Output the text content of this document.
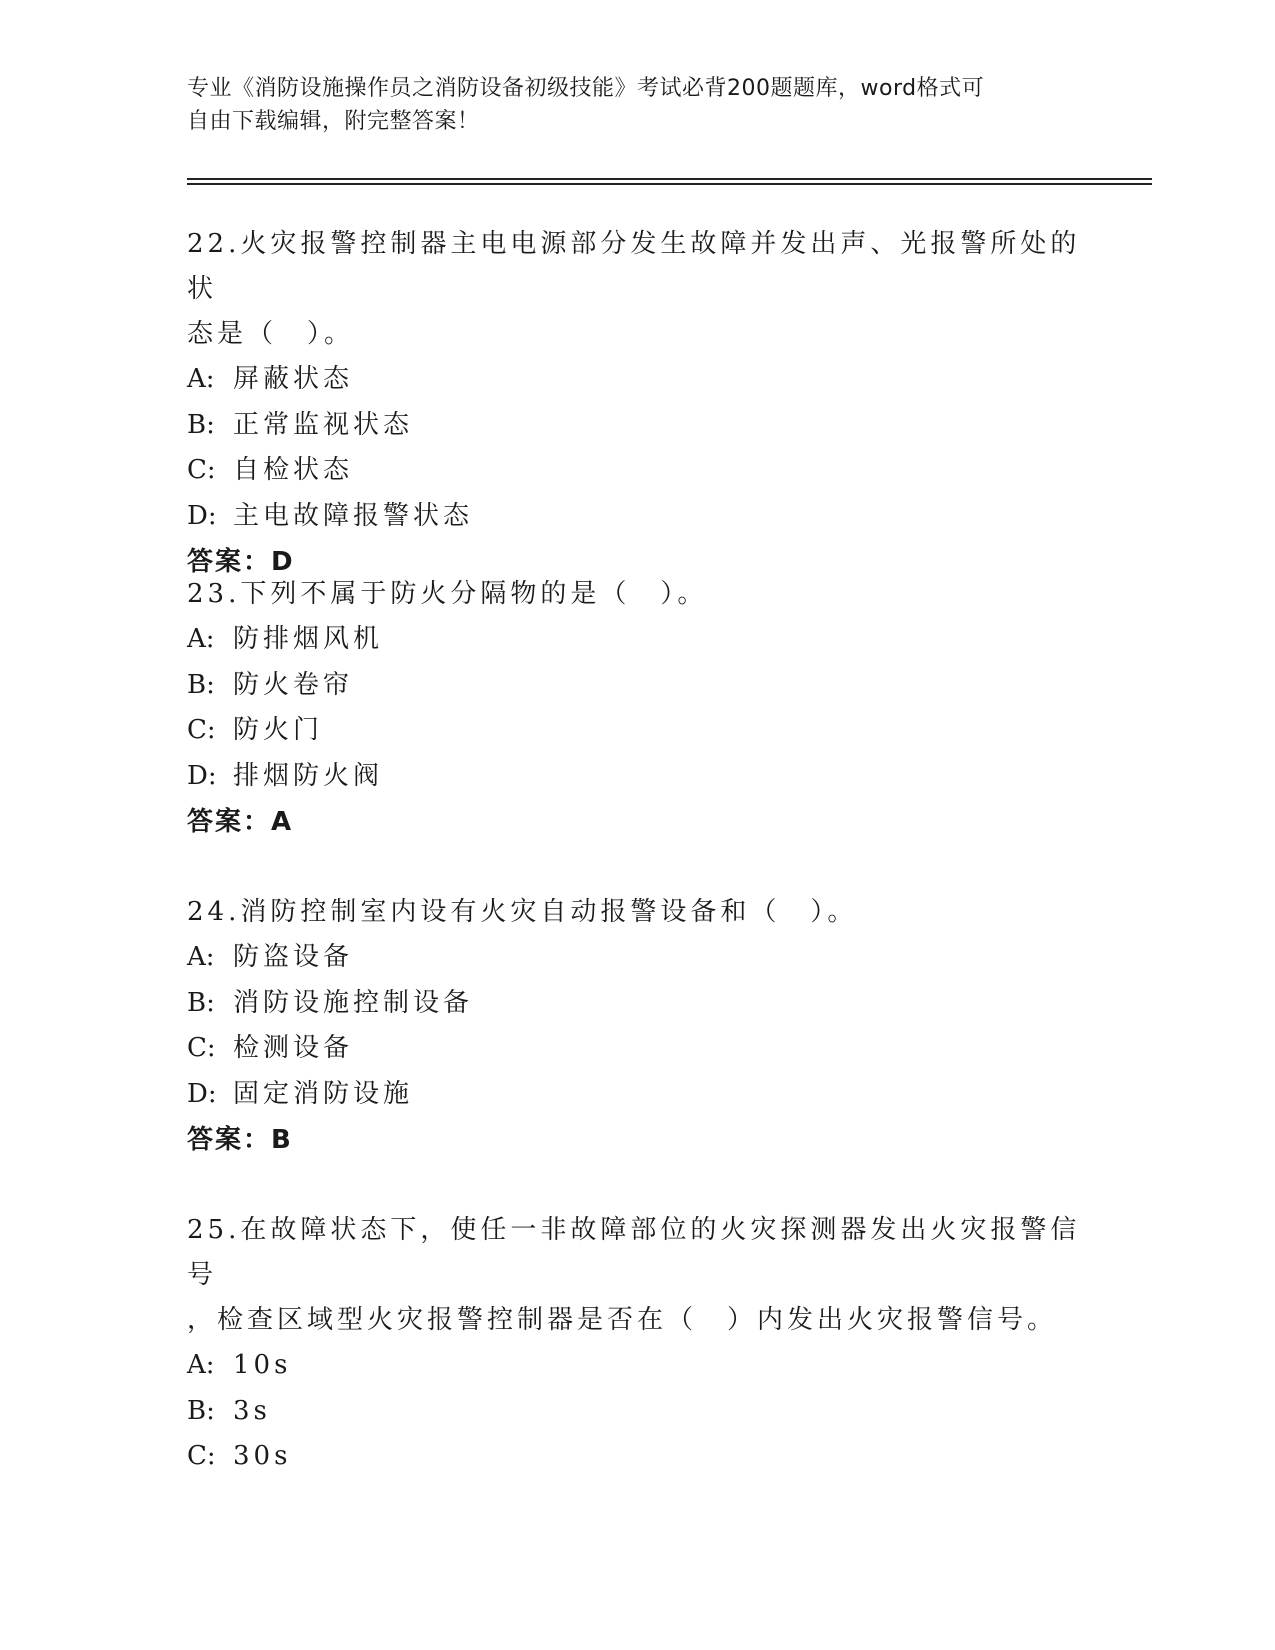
专业《消防设施操作员之消防设备初级技能》考试必背200题题库，word格式可

自由下载编辑，附完整答案！

22.火灾报警控制器主电电源部分发生故障并发出声、光报警所处的状

态是（　）。

A: 屏蔽状态

B: 正常监视状态

C: 自检状态

D: 主电故障报警状态

答案：D

23.下列不属于防火分隔物的是（　）。

A: 防排烟风机

B: 防火卷帘

C: 防火门

D: 排烟防火阀

答案：A

24.消防控制室内设有火灾自动报警设备和（　）。

A: 防盗设备

B: 消防设施控制设备

C: 检测设备

D: 固定消防设施

答案：B

25.在故障状态下，使任一非故障部位的火灾探测器发出火灾报警信号

，检查区域型火灾报警控制器是否在（　）内发出火灾报警信号。

A: 10s

B: 3s

C: 30s
